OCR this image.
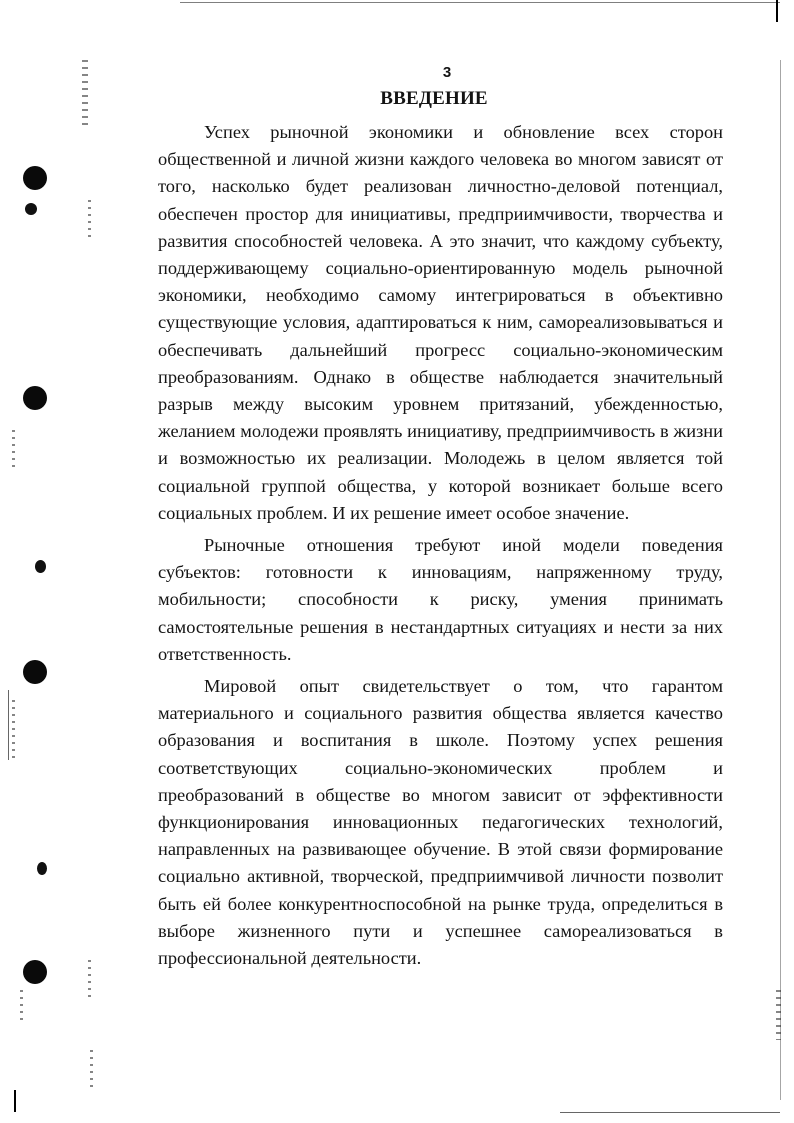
3
ВВЕДЕНИЕ

Успех рыночной экономики и обновление всех сторон общественной и личной жизни каждого человека во многом зависят от того, насколько будет реализован личностно-деловой потенциал, обеспечен простор для инициативы, предприимчивости, творчества и развития способностей человека. А это значит, что каждому субъекту, поддерживающему социально-ориентированную модель рыночной экономики, необходимо самому интегрироваться в объективно существующие условия, адаптироваться к ним, самореализовываться и обеспечивать дальнейший прогресс социально-экономическим преобразованиям. Однако в обществе наблюдается значительный разрыв между высоким уровнем притязаний, убежденностью, желанием молодежи проявлять инициативу, предприимчивость в жизни и возможностью их реализации. Молодежь в целом является той социальной группой общества, у которой возникает больше всего социальных проблем. И их решение имеет особое значение.

Рыночные отношения требуют иной модели поведения субъектов: готовности к инновациям, напряженному труду, мобильности; способности к риску, умения принимать самостоятельные решения в нестандартных ситуациях и нести за них ответственность.

Мировой опыт свидетельствует о том, что гарантом материального и социального развития общества является качество образования и воспитания в школе. Поэтому успех решения соответствующих социально-экономических проблем и преобразований в обществе во многом зависит от эффективности функционирования инновационных педагогических технологий, направленных на развивающее обучение. В этой связи формирование социально активной, творческой, предприимчивой личности позволит быть ей более конкурентноспособной на рынке труда, определиться в выборе жизненного пути и успешнее самореализоваться в профессиональной деятельности.
